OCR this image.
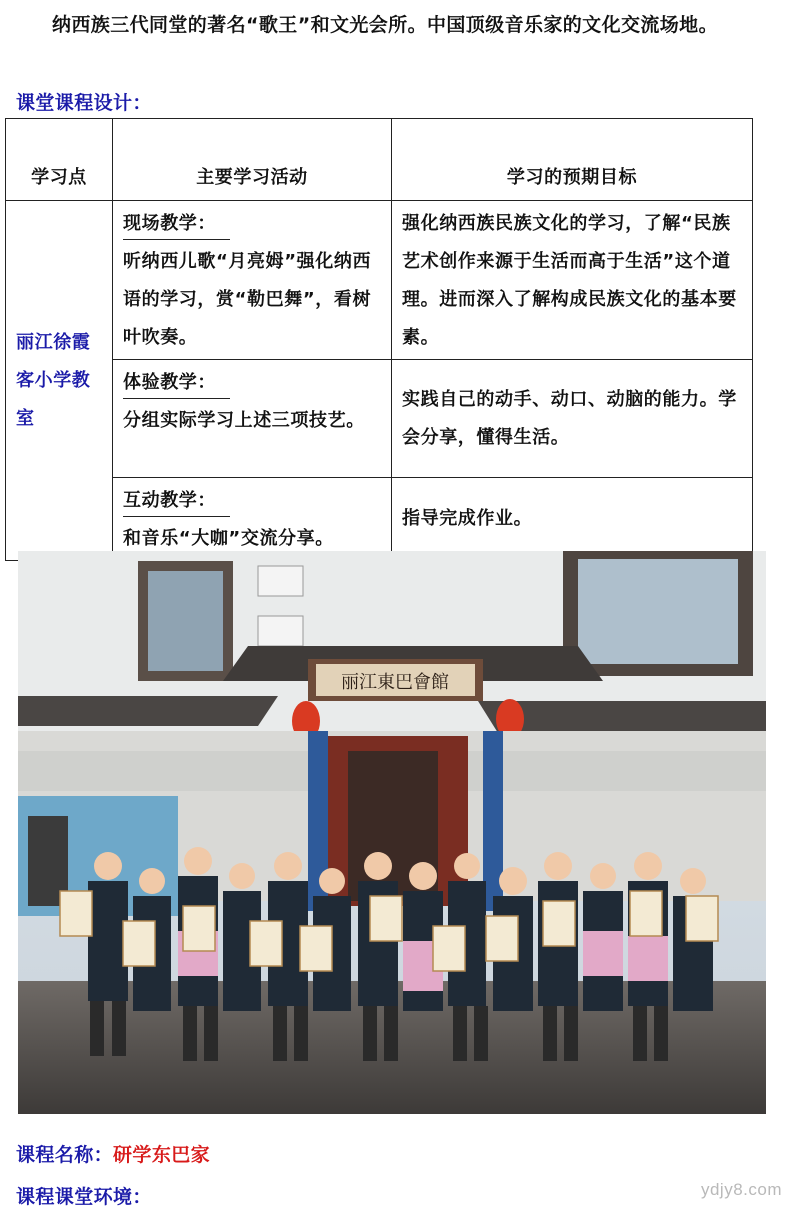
纳西族三代同堂的著名“歌王”和文光会所。中国顶级音乐家的文化交流场地。

课堂课程设计：

学习点	主要学习活动	学习的预期目标
丽江徐霞客小学教室	现场教学：
听纳西儿歌“月亮姆”强化纳西语的学习，赏“勒巴舞”，看树叶吹奏。	强化纳西族民族文化的学习，了解“民族艺术创作来源于生活而高于生活”这个道理。进而深入了解构成民族文化的基本要素。
	体验教学：
分组实际学习上述三项技艺。	实践自己的动手、动口、动脑的能力。学会分享，懂得生活。
	互动教学：
和音乐“大咖”交流分享。	指导完成作业。
丽江東巴會館

课程名称：研学东巴家

课程课堂环境：	ydjy8.com
